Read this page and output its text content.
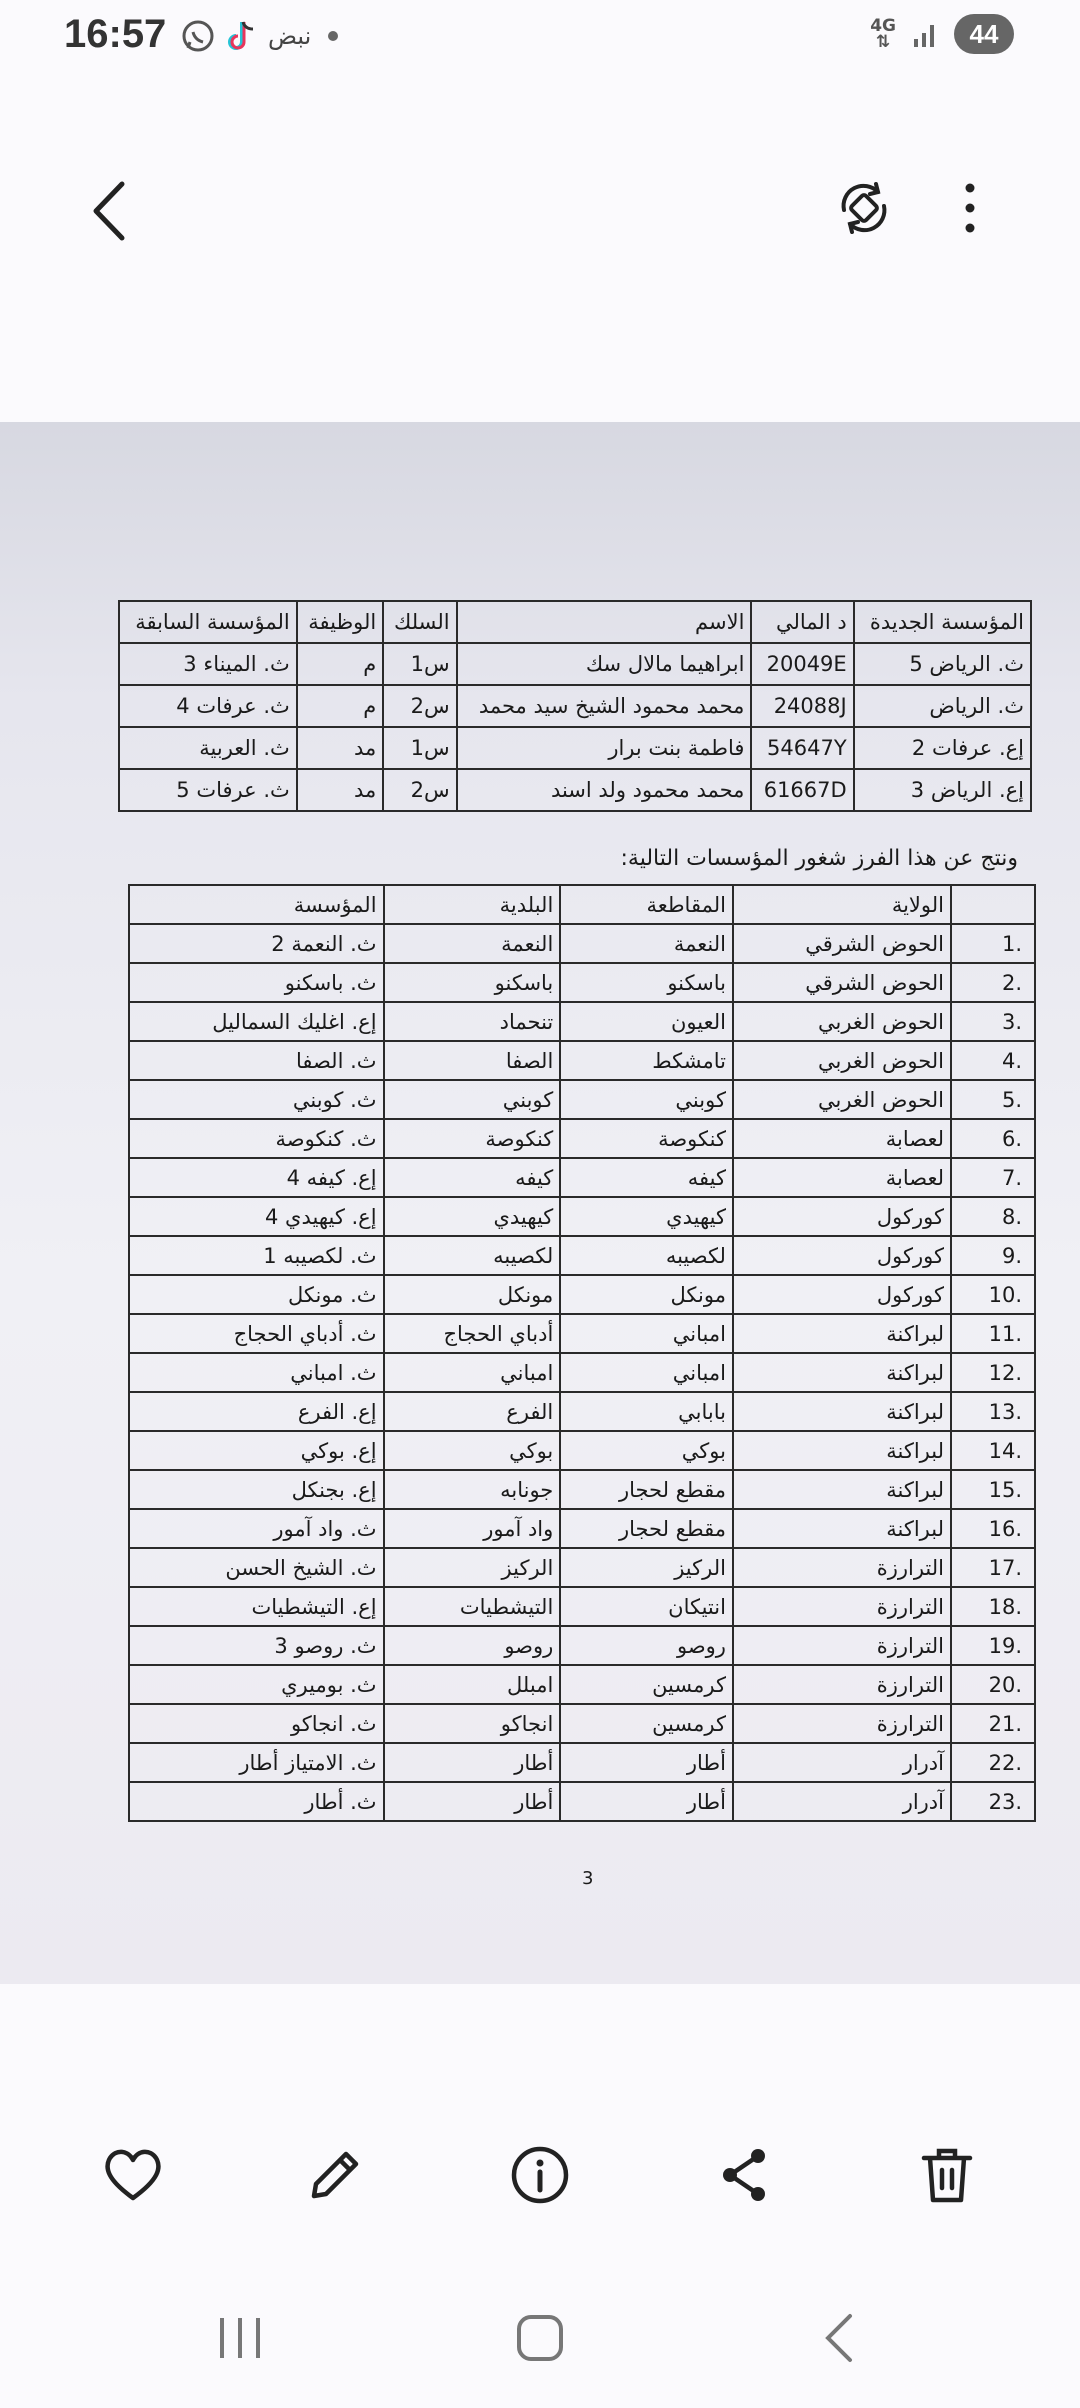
16:57	نبض	4G
⇅	44
المؤسسة الجديدة	د المالي	الاسم	السلك	الوظيفة	المؤسسة السابقة
ث. الرياض 5	20049E	ابراهيما مالال سك	س1	م	ث. الميناء 3
ث. الرياض	24088J	محمد محمود الشيخ سيد محمد	س2	م	ث. عرفات 4
إع. عرفات 2	54647Y	فاطمة بنت برار	س1	مد	ث. العربية
إع. الرياض 3	61667D	محمد محمود ولد اسند	س2	مد	ث. عرفات 5
ونتج عن هذا الفرز شغور المؤسسات التالية:
	الولاية	المقاطعة	البلدية	المؤسسة
.1	الحوض الشرقي	النعمة	النعمة	ث. النعمة 2
.2	الحوض الشرقي	باسكنو	باسكنو	ث. باسكنو
.3	الحوض الغربي	العيون	تنحماد	إع. اغليك السماليل
.4	الحوض الغربي	تامشكط	الصفا	ث. الصفا
.5	الحوض الغربي	كوبني	كوبني	ث. كوبني
.6	لعصابة	كنكوصة	كنكوصة	ث. كنكوصة
.7	لعصابة	كيفه	كيفه	إع. كيفه 4
.8	كوركول	كيهيدي	كيهيدي	إع. كيهيدي 4
.9	كوركول	لكصيبه	لكصيبه	ث. لكصيبه 1
.10	كوركول	مونكل	مونكل	ث. مونكل
.11	لبراكنة	امباني	أدباي الحجاج	ث. أدباي الحجاج
.12	لبراكنة	امباني	امباني	ث. امباني
.13	لبراكنة	بابابي	الفرع	إع. الفرع
.14	لبراكنة	بوكي	بوكي	إع. بوكي
.15	لبراكنة	مقطع لحجار	جونابه	إع. بجنكل
.16	لبراكنة	مقطع لحجار	واد آمور	ث. واد آمور
.17	الترارزة	الركيز	الركيز	ث. الشيخ الحسن
.18	الترارزة	انتيكان	التيشطيات	إع. التيشطيات
.19	الترارزة	روصو	روصو	ث. روصو 3
.20	الترارزة	كرمسين	امبلل	ث. بوميري
.21	الترارزة	كرمسين	انجاكو	ث. انجاكو
.22	آدرار	أطار	أطار	ث. الامتياز أطار
.23	آدرار	أطار	أطار	ث. أطار
3
